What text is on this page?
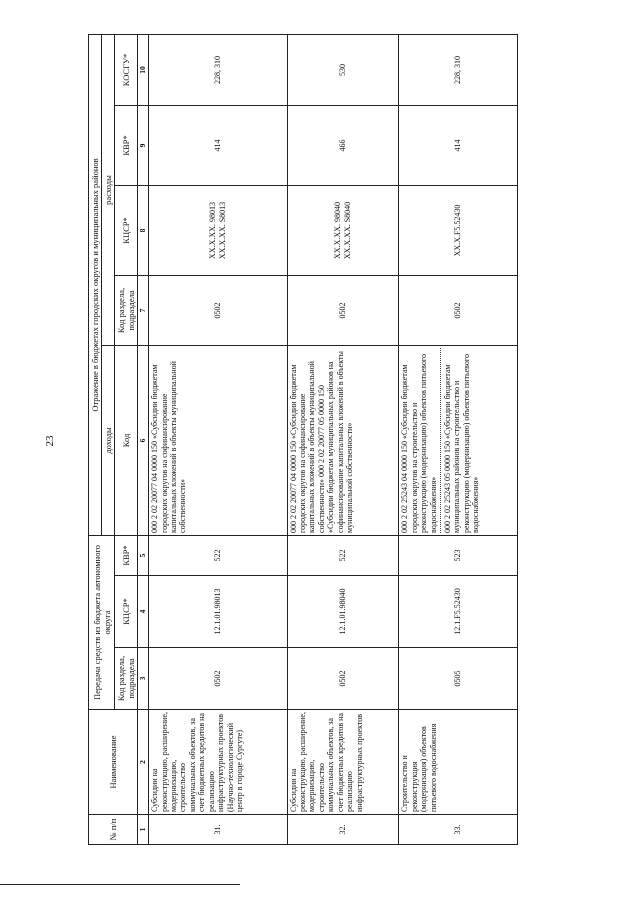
23
№ п/п	Наименование	Передача средств из бюджета автономного округа			Отражение в бюджетах городских округов и муниципальных районов				
					доходы	расходы			
		Код раздела, подраздела	КЦСР*	КВР*	Код	Код раздела, подраздела	КЦСР*	КВР*	КОСГУ*
1	2	3	4	5	6	7	8	9	10
31.	Субсидии на реконструкцию, расширение, модернизацию, строительство коммунальных объектов, за счет бюджетных кредитов на реализацию инфраструктурных проектов (Научно-технологический центр в городе Сургуте)	0502	12.1.01.98013	522	000 2 02 20077 04 0000 150 «Субсидии бюджетам городских округов на софинансирование капитальных вложений в объекты муниципальной собственности»	0502	ХХ.Х.ХХ. 98013 ХХ.Х.ХХ. S8013	414	228, 310
32.	Субсидии на реконструкцию, расширение, модернизацию, строительство коммунальных объектов, за счет бюджетных кредитов на реализацию инфраструктурных проектов	0502	12.1.01.98040	522	000 2 02 20077 04 0000 150 «Субсидии бюджетам городских округов на софинансирование капитальных вложений в объекты муниципальной собственности» 000 2 02 20077 05 0000 150 «Субсидии бюджетам муниципальных районов на софинансирование капитальных вложений в объекты муниципальной собственности»	0502	ХХ.Х.ХХ. 98040 ХХ.Х.ХХ. S8040	466	530
33.	Строительство и реконструкция (модернизация) объектов питьевого водоснабжения	0505	12.1.F5.52430	523	000 2 02 25243 04 0000 150 «Субсидии бюджетам городских округов на строительство и реконструкцию (модернизацию) объектов питьевого водоснабжения» 000 2 02 25243 05 0000 150 «Субсидии бюджетам муниципальных районов на строительство и реконструкцию (модернизацию) объектов питьевого водоснабжения»	0502	ХХ.Х.F5.52430	414	228, 310
